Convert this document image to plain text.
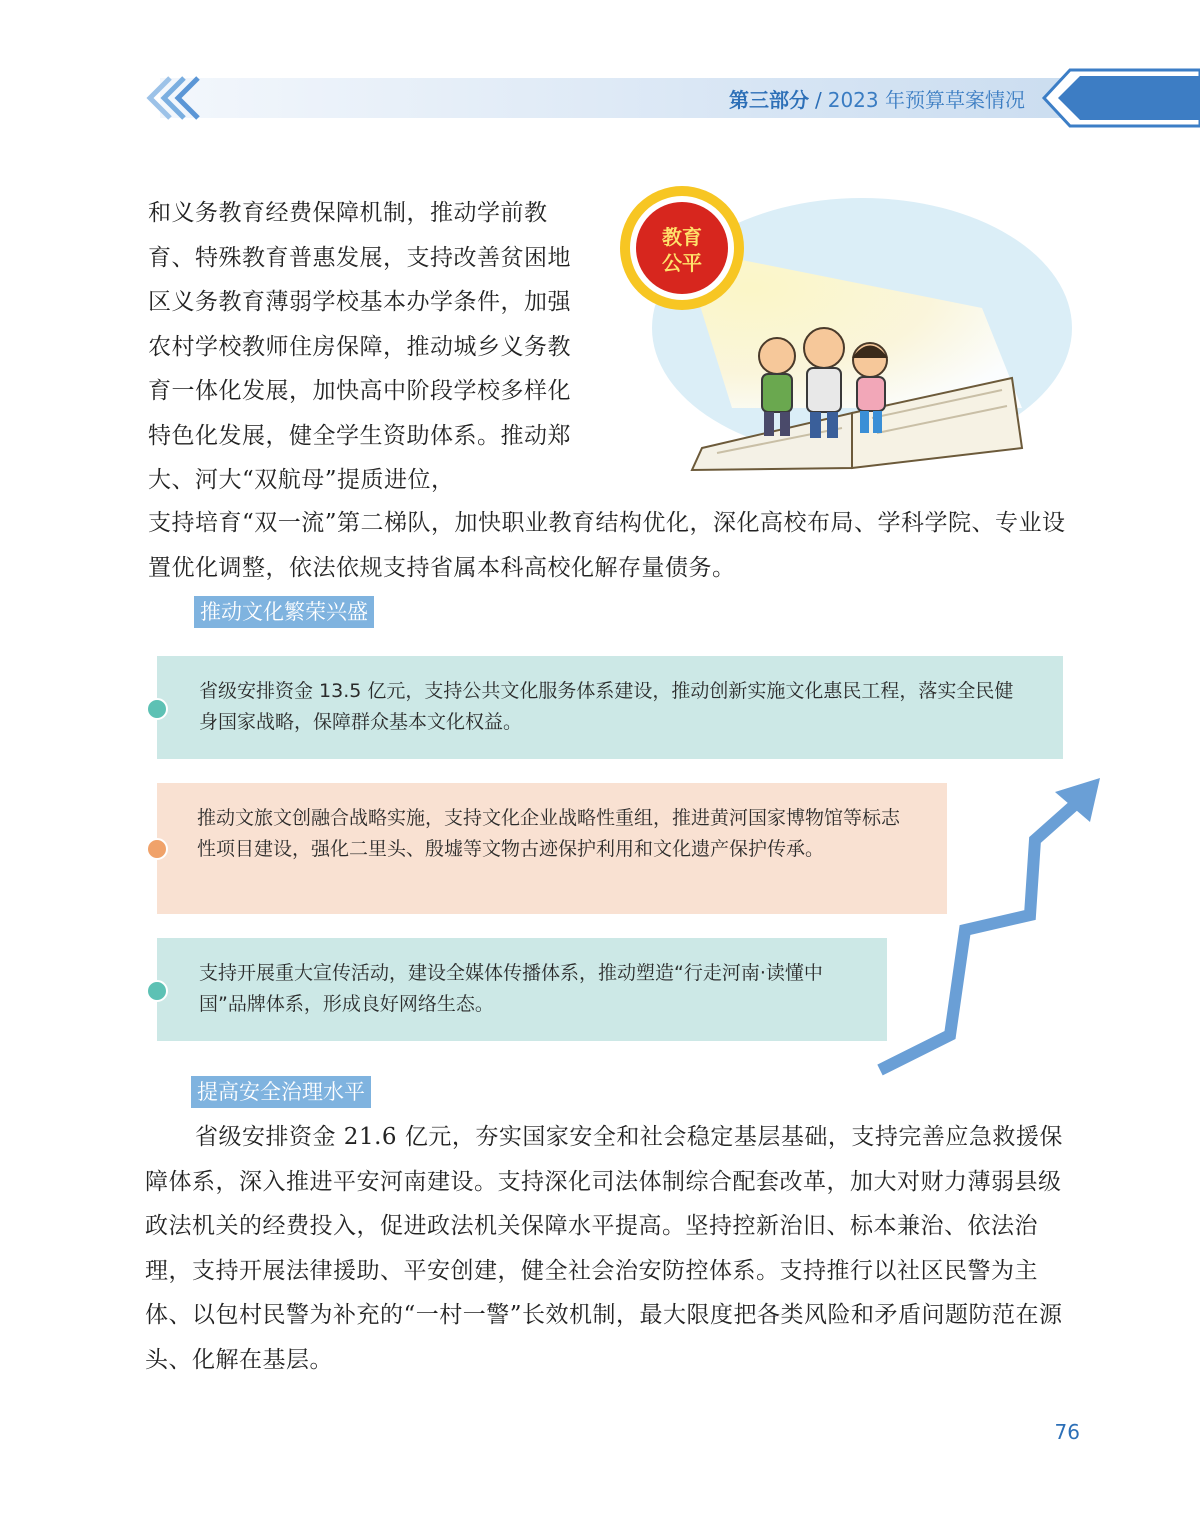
第三部分 / 2023 年预算草案情况
和义务教育经费保障机制，推动学前教育、特殊教育普惠发展，支持改善贫困地区义务教育薄弱学校基本办学条件，加强农村学校教师住房保障，推动城乡义务教育一体化发展，加快高中阶段学校多样化特色化发展，健全学生资助体系。推动郑大、河大“双航母”提质进位，
教育
公平
支持培育“双一流”第二梯队，加快职业教育结构优化，深化高校布局、学科学院、专业设置优化调整，依法依规支持省属本科高校化解存量债务。
推动文化繁荣兴盛
省级安排资金 13.5 亿元，支持公共文化服务体系建设，推动创新实施文化惠民工程，落实全民健身国家战略，保障群众基本文化权益。
推动文旅文创融合战略实施，支持文化企业战略性重组，推进黄河国家博物馆等标志性项目建设，强化二里头、殷墟等文物古迹保护利用和文化遗产保护传承。
支持开展重大宣传活动，建设全媒体传播体系，推动塑造“行走河南·读懂中国”品牌体系，形成良好网络生态。
提高安全治理水平
省级安排资金 21.6 亿元，夯实国家安全和社会稳定基层基础，支持完善应急救援保障体系，深入推进平安河南建设。支持深化司法体制综合配套改革，加大对财力薄弱县级政法机关的经费投入，促进政法机关保障水平提高。坚持控新治旧、标本兼治、依法治理，支持开展法律援助、平安创建，健全社会治安防控体系。支持推行以社区民警为主体、以包村民警为补充的“一村一警”长效机制，最大限度把各类风险和矛盾问题防范在源头、化解在基层。
76
